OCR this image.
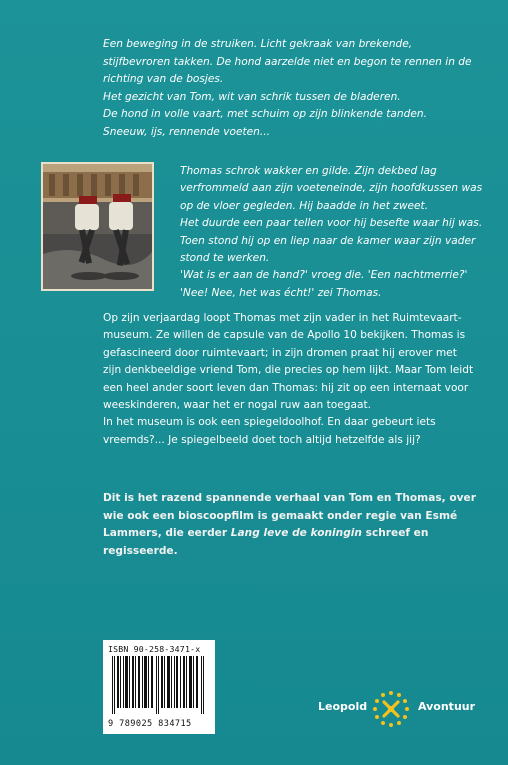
Een beweging in de struiken. Licht gekraak van brekende, stijfbevroren takken. De hond aarzelde niet en begon te rennen in de richting van de bosjes.

Het gezicht van Tom, wit van schrik tussen de bladeren.

De hond in volle vaart, met schuim op zijn blinkende tanden.

Sneeuw, ijs, rennende voeten...

Thomas schrok wakker en gilde. Zijn dekbed lag verfrommeld aan zijn voeteneinde, zijn hoofdkussen was op de vloer gegleden. Hij baadde in het zweet.

Het duurde een paar tellen voor hij besefte waar hij was.

Toen stond hij op en liep naar de kamer waar zijn vader stond te werken.

'Wat is er aan de hand?' vroeg die. 'Een nachtmerrie?'

'Nee! Nee, het was écht!' zei Thomas.

Op zijn verjaardag loopt Thomas met zijn vader in het Ruimtevaart-museum. Ze willen de capsule van de Apollo 10 bekijken. Thomas is gefascineerd door ruimtevaart; in zijn dromen praat hij erover met zijn denkbeeldige vriend Tom, die precies op hem lijkt. Maar Tom leidt een heel ander soort leven dan Thomas: hij zit op een internaat voor weeskinderen, waar het er nogal ruw aan toegaat.

In het museum is ook een spiegeldoolhof. En daar gebeurt iets vreemds?... Je spiegelbeeld doet toch altijd hetzelfde als jij?

Dit is het razend spannende verhaal van Tom en Thomas, over wie ook een bioscoopfilm is gemaakt onder regie van Esmé Lammers, die eerder Lang leve de koningin schreef en regisseerde.

ISBN 90-258-3471-x
9 789025 834715
Leopold	Avontuur
